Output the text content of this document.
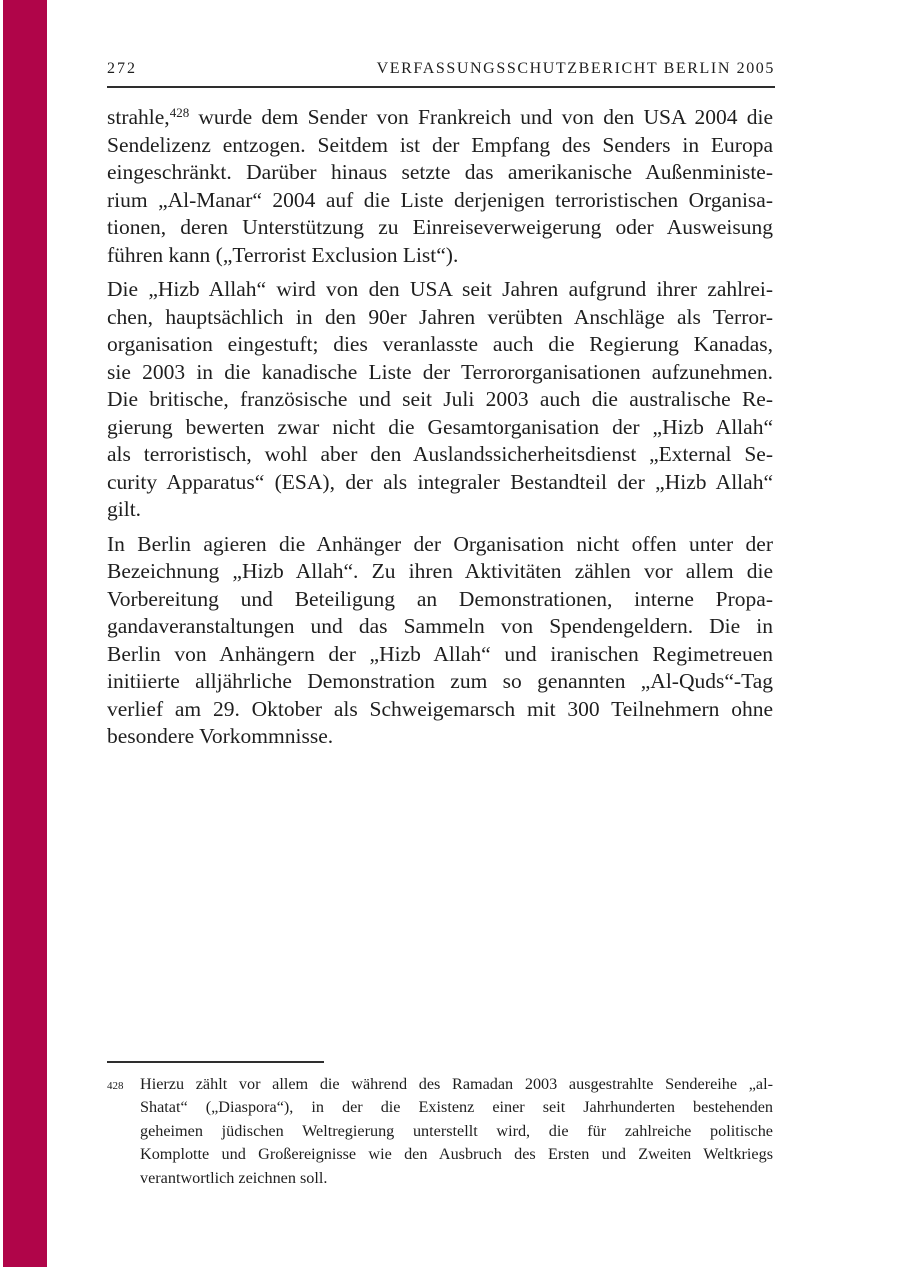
272	VERFASSUNGSSCHUTZBERICHT BERLIN 2005
strahle,$^{428}$ wurde dem Sender von Frankreich und von den USA 2004 die
Sendelizenz entzogen. Seitdem ist der Empfang des Senders in Europa
eingeschränkt. Darüber hinaus setzte das amerikanische Außenministe-
rium „Al-Manar“ 2004 auf die Liste derjenigen terroristischen Organisa-
tionen, deren Unterstützung zu Einreiseverweigerung oder Ausweisung
führen kann („Terrorist Exclusion List“).
Die „Hizb Allah“ wird von den USA seit Jahren aufgrund ihrer zahlrei-
chen, hauptsächlich in den 90er Jahren verübten Anschläge als Terror-
organisation eingestuft; dies veranlasste auch die Regierung Kanadas,
sie 2003 in die kanadische Liste der Terrororganisationen aufzunehmen.
Die britische, französische und seit Juli 2003 auch die australische Re-
gierung bewerten zwar nicht die Gesamtorganisation der „Hizb Allah“
als terroristisch, wohl aber den Auslandssicherheitsdienst „External Se-
curity Apparatus“ (ESA), der als integraler Bestandteil der „Hizb Allah“
gilt.
In Berlin agieren die Anhänger der Organisation nicht offen unter der
Bezeichnung „Hizb Allah“. Zu ihren Aktivitäten zählen vor allem die
Vorbereitung und Beteiligung an Demonstrationen, interne Propa-
gandaveranstaltungen und das Sammeln von Spendengeldern. Die in
Berlin von Anhängern der „Hizb Allah“ und iranischen Regimetreuen
initiierte alljährliche Demonstration zum so genannten „Al-Quds“-Tag
verlief am 29. Oktober als Schweigemarsch mit 300 Teilnehmern ohne
besondere Vorkommnisse.
428 Hierzu zählt vor allem die während des Ramadan 2003 ausgestrahlte Sendereihe „al-
Shatat“ („Diaspora“), in der die Existenz einer seit Jahrhunderten bestehenden
geheimen jüdischen Weltregierung unterstellt wird, die für zahlreiche politische
Komplotte und Großereignisse wie den Ausbruch des Ersten und Zweiten Weltkriegs
verantwortlich zeichnen soll.
